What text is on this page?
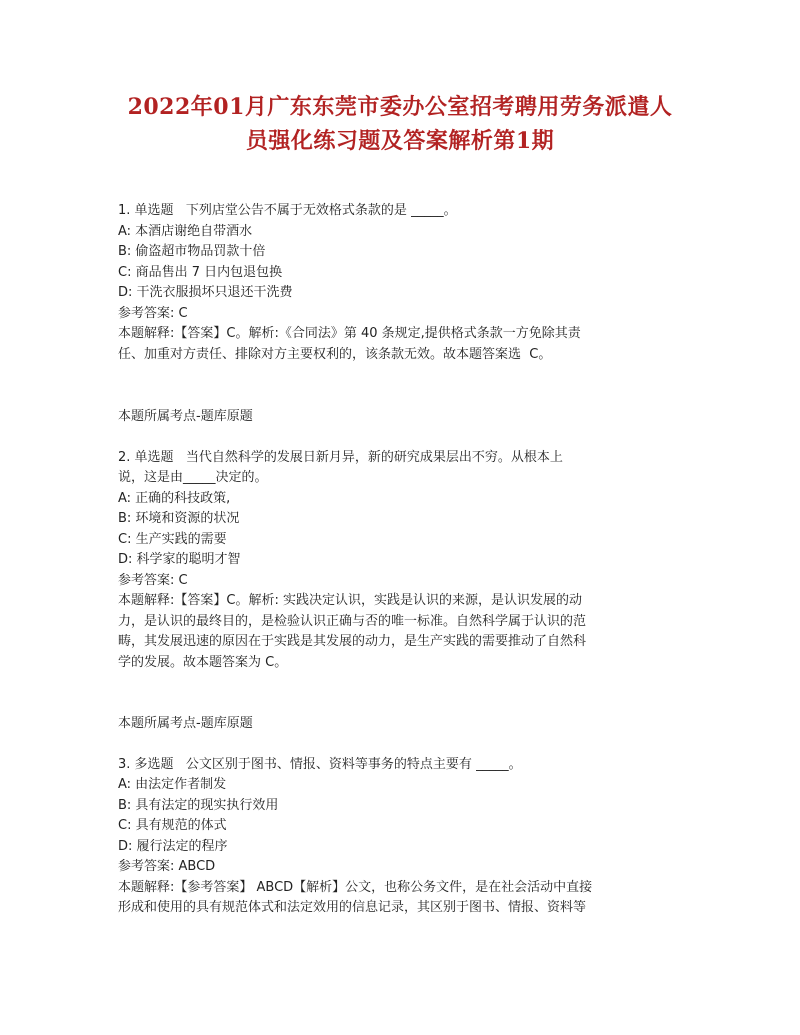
2022年01月广东东莞市委办公室招考聘用劳务派遣人
员强化练习题及答案解析第1期

1. 单选题   下列店堂公告不属于无效格式条款的是 _____。

A: 本酒店谢绝自带酒水

B: 偷盗超市物品罚款十倍

C: 商品售出 7 日内包退包换

D: 干洗衣服损坏只退还干洗费

参考答案: C

本题解释:【答案】C。解析:《合同法》第 40 条规定,提供格式条款一方免除其责

任、加重对方责任、排除对方主要权利的，该条款无效。故本题答案选  C。

本题所属考点-题库原题

2. 单选题   当代自然科学的发展日新月异，新的研究成果层出不穷。从根本上

说，这是由_____决定的。

A: 正确的科技政策,

B: 环境和资源的状况

C: 生产实践的需要

D: 科学家的聪明才智

参考答案: C

本题解释:【答案】C。解析: 实践决定认识，实践是认识的来源，是认识发展的动

力，是认识的最终目的，是检验认识正确与否的唯一标准。自然科学属于认识的范

畴，其发展迅速的原因在于实践是其发展的动力，是生产实践的需要推动了自然科

学的发展。故本题答案为 C。

本题所属考点-题库原题

3. 多选题   公文区别于图书、情报、资料等事务的特点主要有 _____。

A: 由法定作者制发

B: 具有法定的现实执行效用

C: 具有规范的体式

D: 履行法定的程序

参考答案: ABCD

本题解释:【参考答案】 ABCD【解析】公文，也称公务文件，是在社会活动中直接

形成和使用的具有规范体式和法定效用的信息记录，其区别于图书、情报、资料等
